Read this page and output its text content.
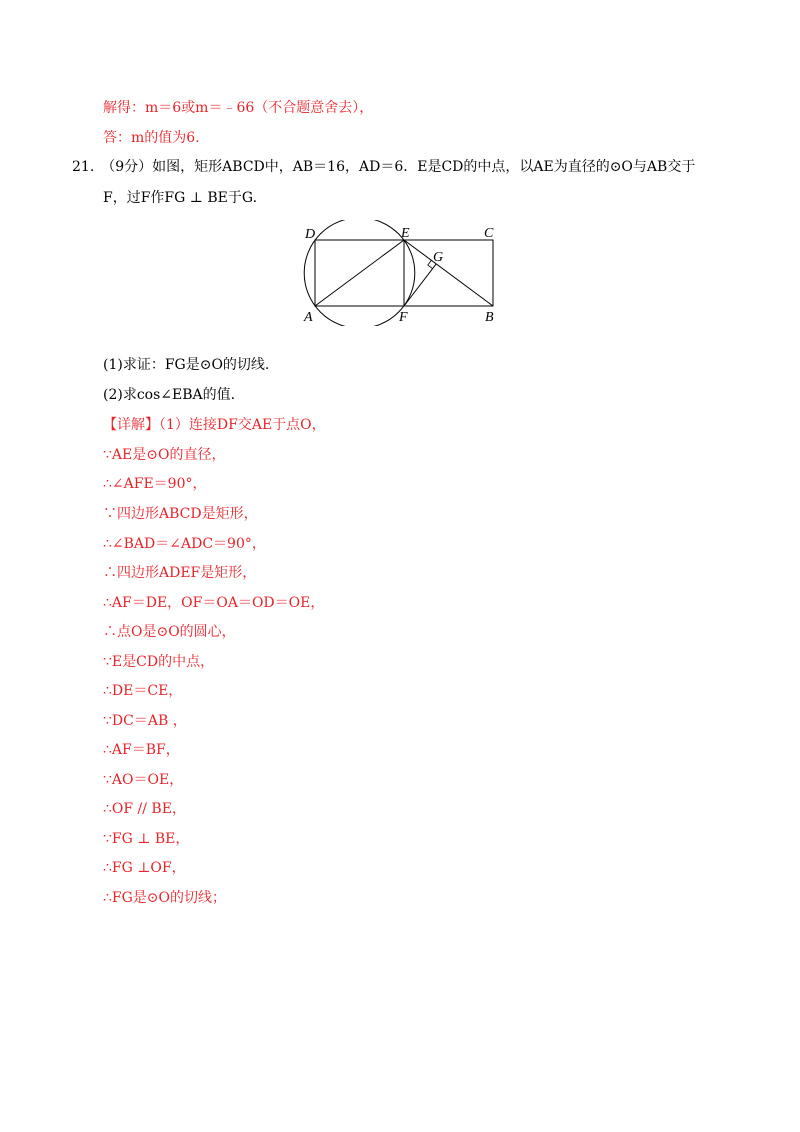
解得：m＝6或m＝﹣66（不合题意舍去），
答：m的值为6.
21.　（9分）如图，矩形ABCD中，AB＝16，AD＝6．E是CD的中点，以AE为直径的⊙O与AB交于
F，过F作FG ⊥ BE于G.
(1)求证：FG是⊙O的切线.
(2)求cos∠EBA的值.
【详解】（1）连接DF交AE于点O，
∵AE是⊙O的直径，
∴∠AFE＝90°，
∵四边形ABCD是矩形，
∴∠BAD＝∠ADC＝90°，
∴四边形ADEF是矩形，
∴AF＝DE，OF＝OA＝OD＝OE，
∴点O是⊙O的圆心，
∵E是CD的中点，
∴DE＝CE，
∵DC＝AB ，
∴AF＝BF，
∵AO＝OE，
∴OF // BE，
∵FG ⊥ BE，
∴FG ⊥OF，
∴FG是⊙O的切线；
D	E	C
G
A	F	B
